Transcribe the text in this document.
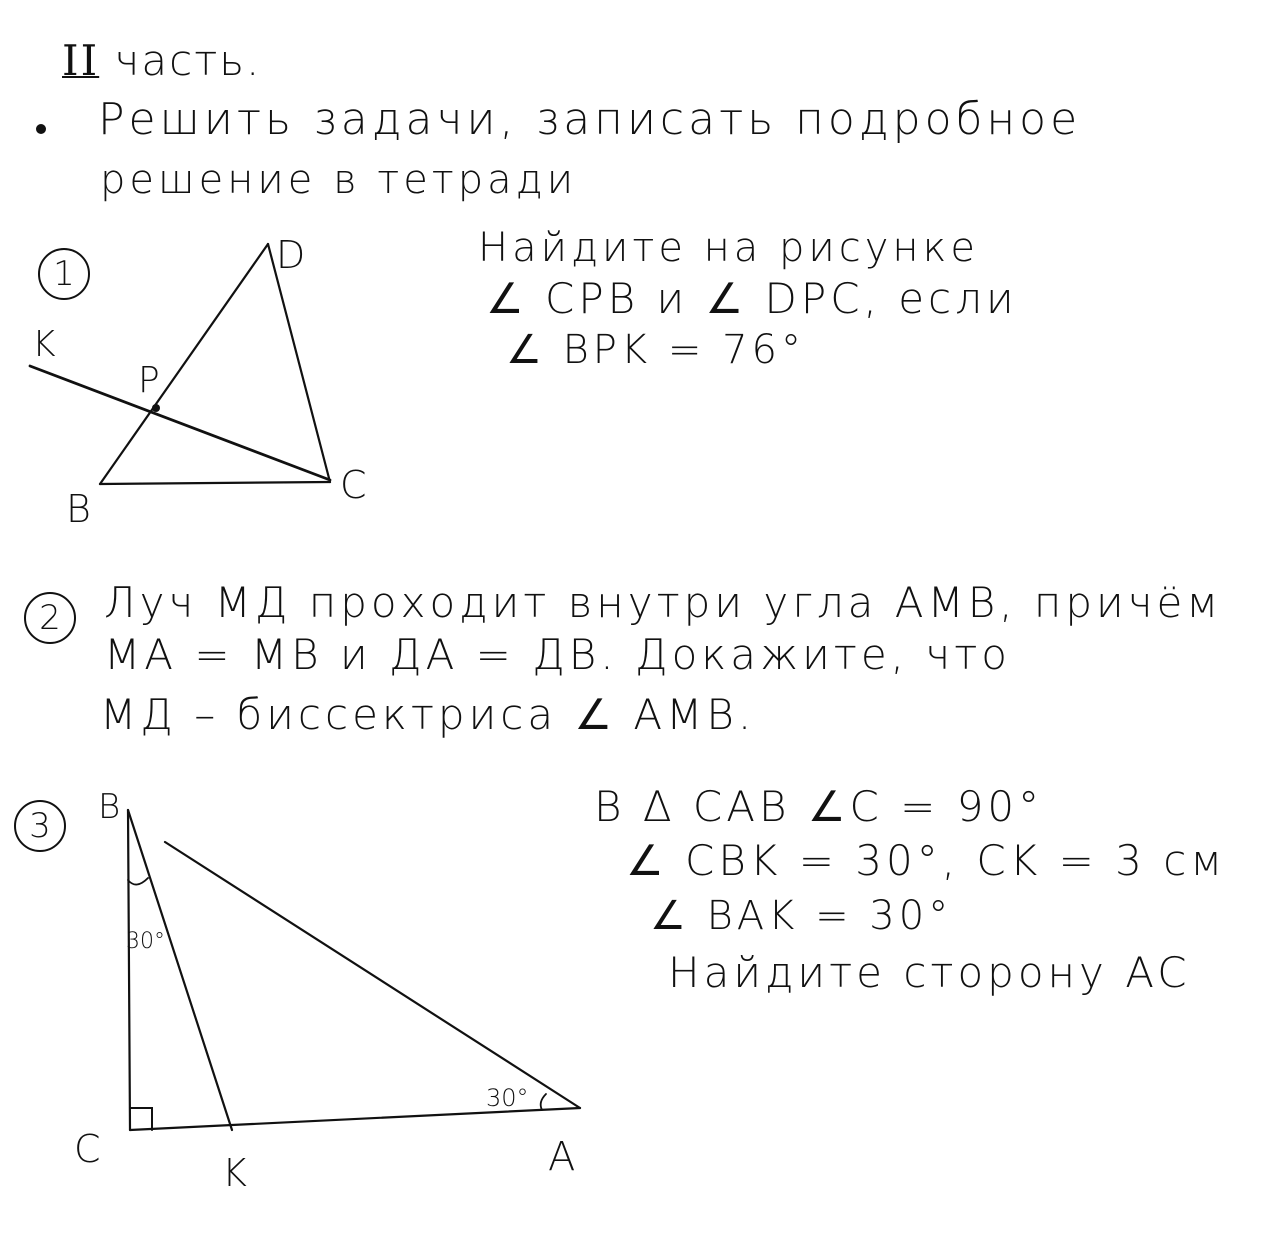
II часть.
Решить задачи, записать подробное
решение в тетради
1
Найдите на рисунке
∠ CPB и ∠ DPC, если
∠ BPK = 76°
2	Луч МД проходит внутри угла АМВ, причём
МА = МВ и ДА = ДВ. Докажите, что
МД – биссектриса ∠ АМВ.
3	В ∆ САВ ∠C = 90°
∠ CBK = 30°, CK = 3 см
∠ BAK = 30°
Найдите сторону AC
D
K
P
B
C
B
C
K	A
30°
30°
